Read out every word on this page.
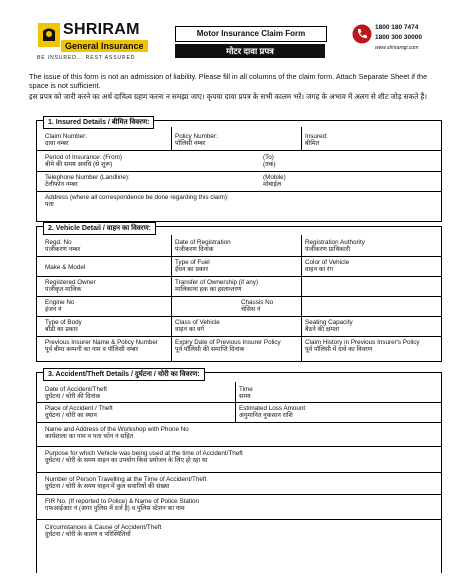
SHRIRAM
General Insurance
BE INSURED... REST ASSURED
Motor Insurance Claim Form
मोटर दावा प्रपत्र
1800 180 7474
1800 300 30000
www.shriramgi.com
The issue of this form is not an admission of liability. Please fill in all columns of the claim form. Attach Separate Sheet if the space is not sufficient.
इस प्रपत्र को जारी करने का अर्थ दायित्व ग्रहण करना न समझा जाए। कृपया दावा प्रपत्र के सभी कालम भरें। जगह के अभाव में अलग से शीट जोड़ सकते हैं।
1. Insured Details / बीमित विवरण:
Claim Number:
दावा नम्बर
Policy Number:
पॉलिसी नम्बर
Insured:
बीमित
Period of Insurance: (From)
बीमे की समय अवधि (से शुरू)
(To)
(तक)
Telephone Number (Landline):
टेलीफोन नम्बर
(Mobile)
मोबाईल
Address (where all correspondence be done regarding this claim):
पता
2. Vehicle Detail / वाहन का विवरण:
Regd. No
पंजीकरण नम्बर
Date of Registration
पंजीकरण दिनांक
Registration Authority
पंजीकरण प्राधिकारी
Make & Model
Type of Fuel
ईंधन का प्रकार
Color of Vehicle
वाहन का रंग
Registered Owner
पंजीकृत मालिक
Transfer of Ownership (if any)
मालिकाना हक का हस्तान्तरण
Engine No
इंजन नं
Chassis No
चेसिस नं
Type of Body
बॉडी का प्रकार
Class of Vehicle
वाहन का वर्ग
Seating Capacity
बैठने की क्षमता
Previous Insurer Name & Policy Number
पूर्व बीमा कम्पनी का नाम व पॉलिसी नम्बर
Expiry Date of Previous Insurer Policy
पूर्व पॉलिसी की समाप्ति दिनांक
Claim History in Previous Insurer's Policy
पूर्व पॉलिसी में दावे का विवरण
3. Accident/Theft Details / दुर्घटना / चोरी का विवरण:
Date of Accident/Theft
दुर्घटना / चोरी की दिनांक
Time
समय
Place of Accident / Theft
दुर्घटना / चोरी का स्थान
Estimated Loss Amount
अनुमानित नुकसान राशि
Name and Address of the Workshop with Phone No
कार्यशाला का नाम व पता फोन नं सहित
Purpose for which Vehicle was being used at the time of Accident/Theft
दुर्घटना / चोरी के समय वाहन का उपयोग किस प्रयोजन के लिए हो रहा था
Number of Person Travelling at the Time of Accident/Theft
दुर्घटना / चोरी के समय वाहन में कुल सवारियों की संख्या
FIR No. (If reported to Police) & Name of Police Station
एफआईआर नं (अगर पुलिस में दर्ज है) व पुलिस स्टेशन का नाम
Circumstances & Cause of Accident/Theft
दुर्घटना / चोरी के कारण व परिस्थितियाँ
